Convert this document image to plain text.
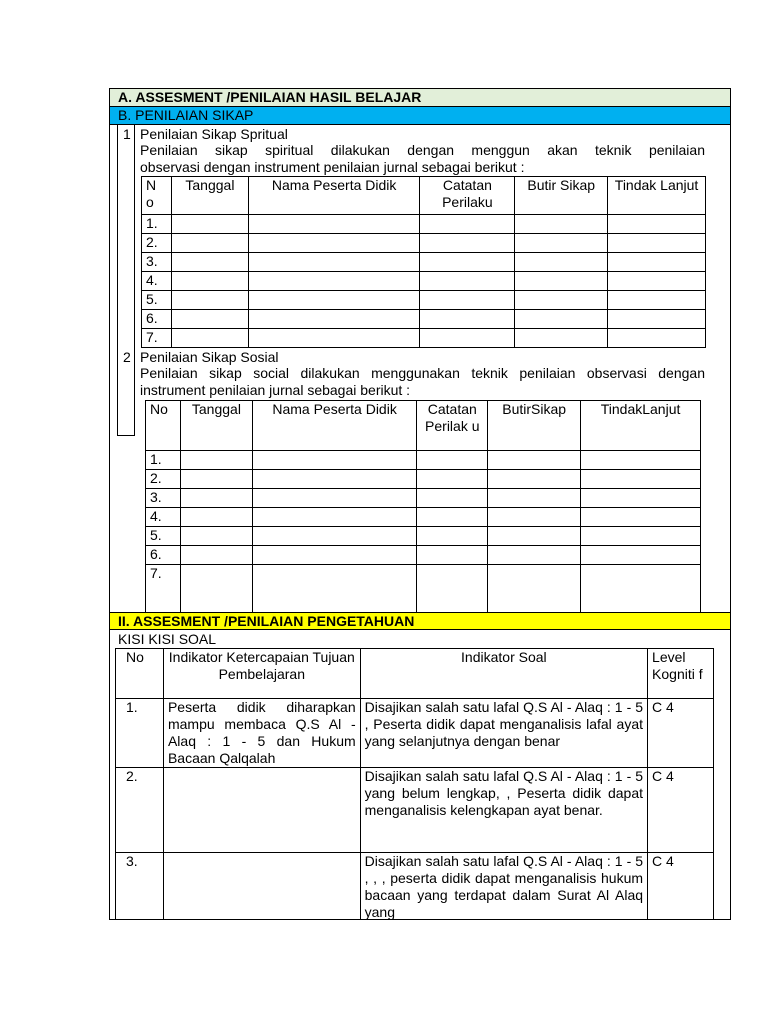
A. ASSESMENT /PENILAIAN HASIL BELAJAR
B. PENILAIAN SIKAP
1 Penilaian Sikap Spritual
Penilaian sikap spiritual dilakukan dengan menggun akan teknik penilaian
observasi dengan instrument penilaian jurnal sebagai berikut :
N o	Tanggal	Nama Peserta Didik	Catatan Perilaku	Butir Sikap	Tindak Lanjut
1.					
2.					
3.					
4.					
5.					
6.					
7.					
2 Penilaian Sikap Sosial
Penilaian sikap social dilakukan menggunakan teknik penilaian observasi dengan
instrument penilaian jurnal sebagai berikut :
No	Tanggal	Nama Peserta Didik	Catatan Perilak u	ButirSikap	TindakLanjut
1.					
2.					
3.					
4.					
5.					
6.					
7.					
II. ASSESMENT /PENILAIAN PENGETAHUAN
KISI KISI SOAL
No	Indikator Ketercapaian Tujuan Pembelajaran	Indikator Soal	Level Kogniti f
1.	Peserta didik diharapkan mampu membaca Q.S Al - Alaq : 1 - 5 dan Hukum Bacaan Qalqalah	Disajikan salah satu lafal Q.S Al - Alaq : 1 - 5 , Peserta didik dapat menganalisis lafal ayat yang selanjutnya dengan benar	C 4
2.		Disajikan salah satu lafal Q.S Al - Alaq : 1 - 5 yang belum lengkap, , Peserta didik dapat menganalisis kelengkapan ayat benar.	C 4
3.		Disajikan salah satu lafal Q.S Al - Alaq : 1 - 5 , , , peserta didik dapat menganalisis hukum bacaan yang terdapat dalam Surat Al Alaq yang	C 4
